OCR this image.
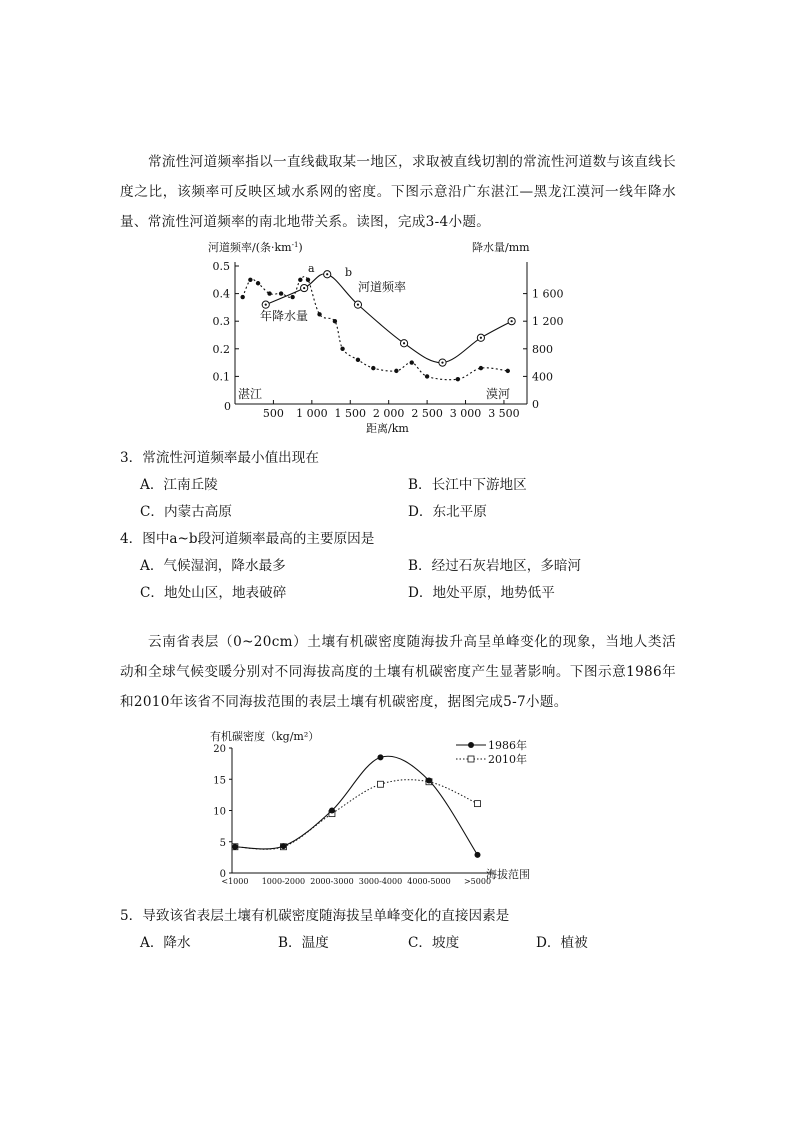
常流性河道频率指以一直线截取某一地区，求取被直线切割的常流性河道数与该直线长度之比，该频率可反映区域水系网的密度。下图示意沿广东湛江—黑龙江漠河一线年降水量、常流性河道频率的南北地带关系。读图，完成3-4小题。
0.5
0.4
0.3
0.2
0.1
1 600
1 200
800
400
0
500 1 000 1 500 2 000 2 500 3 000 3 500
河道频率/(条$\cdot km^{-1}$)	降水量/mm
距离/km
0
河道频率
年降水量
a	b
湛江	漠河
3．常流性河道频率最小值出现在
A．江南丘陵	B．长江中下游地区
C．内蒙古高原	D．东北平原
4．图中a~b段河道频率最高的主要原因是
A．气候湿润，降水最多	B．经过石灰岩地区，多暗河
C．地处山区，地表破碎	D．地处平原，地势低平
云南省表层（0~20cm）土壤有机碳密度随海拔升高呈单峰变化的现象，当地人类活动和全球气候变暖分别对不同海拔高度的土壤有机碳密度产生显著影响。下图示意1986年和2010年该省不同海拔范围的表层土壤有机碳密度，据图完成5-7小题。
20
15
10
5
0
<1000 1000-2000 2000-3000 3000-4000 4000-5000 >5000
有机碳密度（kg/m²）
海拔范围
1986年
2010年
5．导致该省表层土壤有机碳密度随海拔呈单峰变化的直接因素是
A．降水	B．温度	C．坡度	D．植被
